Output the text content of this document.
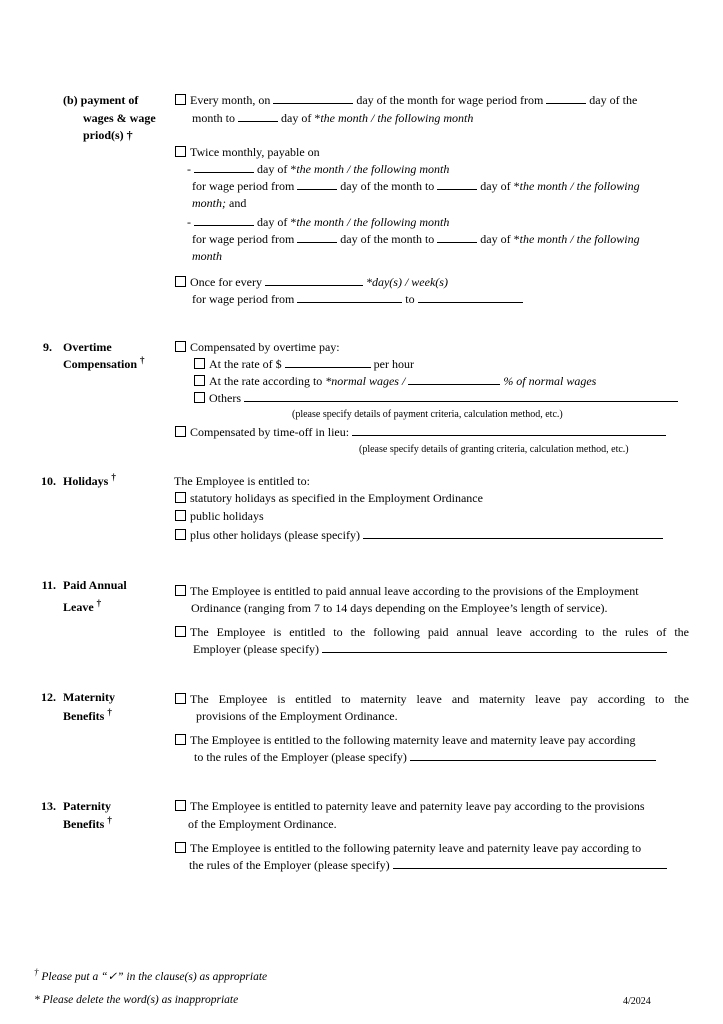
(b) payment of
wages & wage
priod(s) †
Every month, on	day of the month for wage period from	day of the
month to	day of *the month / the following month
Twice monthly, payable on
-	day of *the month / the following month
for wage period from	day of the month to	day of *the month / the following
month; and
-	day of *the month / the following month
for wage period from	day of the month to	day of *the month / the following
month
Once for every	*day(s) / week(s)
for wage period from	to
9. Overtime
Compensation †
Compensated by overtime pay:
At the rate of $	per hour
At the rate according to *normal wages /	% of normal wages
Others
(please specify details of payment criteria, calculation method, etc.)
Compensated by time-off in lieu:
(please specify details of granting criteria, calculation method, etc.)
10. Holidays †	The Employee is entitled to:
statutory holidays as specified in the Employment Ordinance
public holidays
plus other holidays (please specify)
11. Paid Annual
Leave †
The Employee is entitled to paid annual leave according to the provisions of the Employment
Ordinance (ranging from 7 to 14 days depending on the Employee’s length of service).
The Employee is entitled to the following paid annual leave according to the rules of the
Employer (please specify)
12. Maternity
Benefits †
The Employee is entitled to maternity leave and maternity leave pay according to the
provisions of the Employment Ordinance.
The Employee is entitled to the following maternity leave and maternity leave pay according
to the rules of the Employer (please specify)
13. Paternity
Benefits †
The Employee is entitled to paternity leave and paternity leave pay according to the provisions
of the Employment Ordinance.
The Employee is entitled to the following paternity leave and paternity leave pay according to
the rules of the Employer (please specify)
† Please put a “✓” in the clause(s) as appropriate
* Please delete the word(s) as inappropriate	4/2024
